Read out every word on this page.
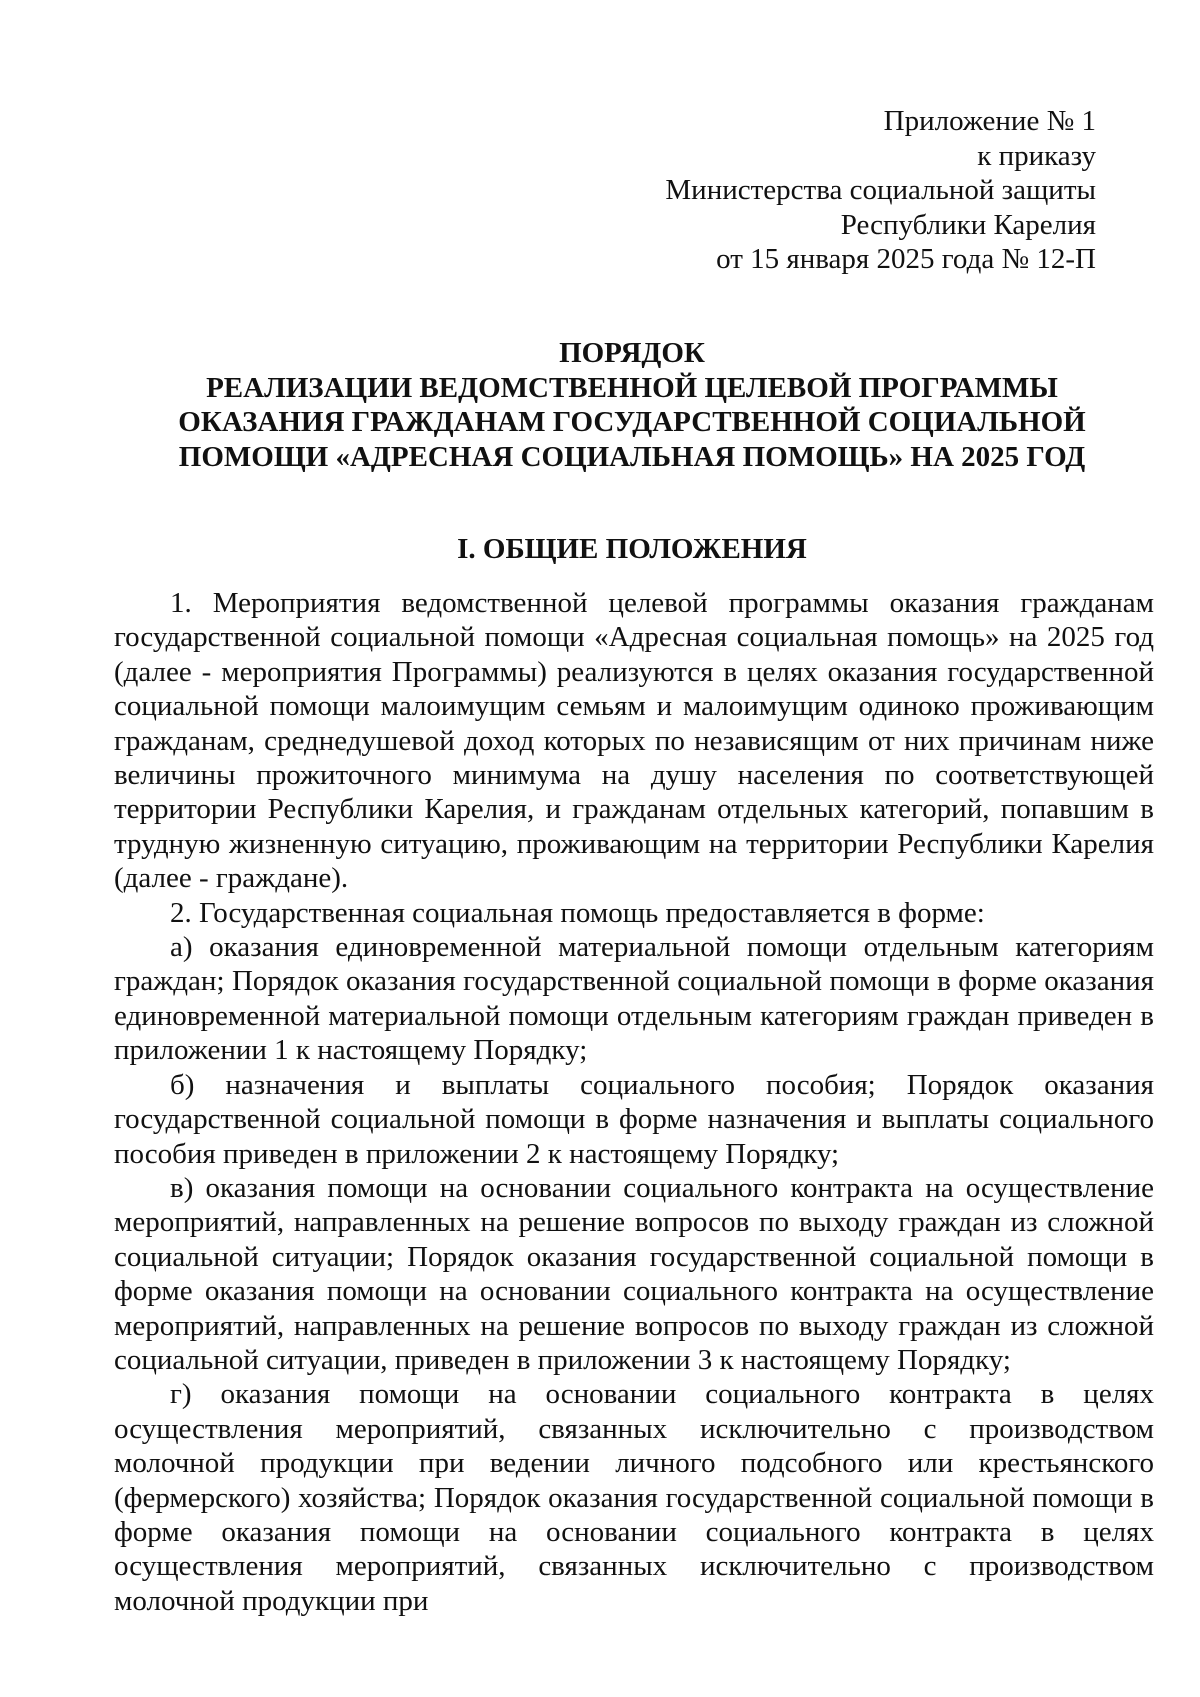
Приложение № 1
к приказу
Министерства социальной защиты
Республики Карелия
от 15 января 2025 года № 12-П
ПОРЯДОК
РЕАЛИЗАЦИИ ВЕДОМСТВЕННОЙ ЦЕЛЕВОЙ ПРОГРАММЫ
ОКАЗАНИЯ ГРАЖДАНАМ ГОСУДАРСТВЕННОЙ СОЦИАЛЬНОЙ
ПОМОЩИ «АДРЕСНАЯ СОЦИАЛЬНАЯ ПОМОЩЬ» НА 2025 ГОД
I. ОБЩИЕ ПОЛОЖЕНИЯ

1. Мероприятия ведомственной целевой программы оказания гражданам государственной социальной помощи «Адресная социальная помощь» на 2025 год (далее - мероприятия Программы) реализуются в целях оказания государственной социальной помощи малоимущим семьям и малоимущим одиноко проживающим гражданам, среднедушевой доход которых по независящим от них причинам ниже величины прожиточного минимума на душу населения по соответствующей территории Республики Карелия, и гражданам отдельных категорий, попавшим в трудную жизненную ситуацию, проживающим на территории Республики Карелия (далее - граждане).

2. Государственная социальная помощь предоставляется в форме:

а) оказания единовременной материальной помощи отдельным категориям граждан; Порядок оказания государственной социальной помощи в форме оказания единовременной материальной помощи отдельным категориям граждан приведен в приложении 1 к настоящему Порядку;

б) назначения и выплаты социального пособия; Порядок оказания государственной социальной помощи в форме назначения и выплаты социального пособия приведен в приложении 2 к настоящему Порядку;

в) оказания помощи на основании социального контракта на осуществление мероприятий, направленных на решение вопросов по выходу граждан из сложной социальной ситуации; Порядок оказания государственной социальной помощи в форме оказания помощи на основании социального контракта на осуществление мероприятий, направленных на решение вопросов по выходу граждан из сложной социальной ситуации, приведен в приложении 3 к настоящему Порядку;

г) оказания помощи на основании социального контракта в целях осуществления мероприятий, связанных исключительно с производством молочной продукции при ведении личного подсобного или крестьянского (фермерского) хозяйства; Порядок оказания государственной социальной помощи в форме оказания помощи на основании социального контракта в целях осуществления мероприятий, связанных исключительно с производством молочной продукции при
